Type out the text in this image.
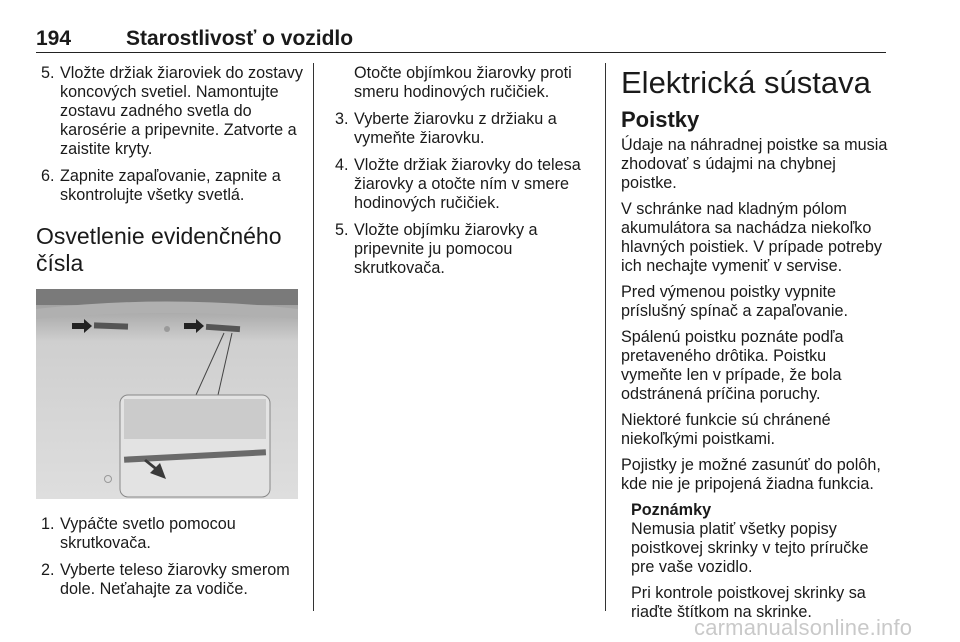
194	Starostlivosť o vozidlo
5. Vložte držiak žiaroviek do zostavy koncových svetiel. Namontujte zostavu zadného svetla do karosérie a pripevnite. Zatvorte a zaistite kryty.
6. Zapnite zapaľovanie, zapnite a skontrolujte všetky svetlá.
Osvetlenie evidenčného čísla
1. Vypáčte svetlo pomocou skrutkovača.
2. Vyberte teleso žiarovky smerom dole. Neťahajte za vodiče.
Otočte objímkou žiarovky proti smeru hodinových ručičiek.
3. Vyberte žiarovku z držiaku a vymeňte žiarovku.
4. Vložte držiak žiarovky do telesa žiarovky a otočte ním v smere hodinových ručičiek.
5. Vložte objímku žiarovky a pripevnite ju pomocou skrutkovača.
Elektrická sústava
Poistky

Údaje na náhradnej poistke sa musia zhodovať s údajmi na chybnej poistke.

V schránke nad kladným pólom akumulátora sa nachádza niekoľko hlavných poistiek. V prípade potreby ich nechajte vymeniť v servise.

Pred výmenou poistky vypnite príslušný spínač a zapaľovanie.

Spálenú poistku poznáte podľa pretaveného drôtika. Poistku vymeňte len v prípade, že bola odstránená príčina poruchy.

Niektoré funkcie sú chránené niekoľkými poistkami.

Pojistky je možné zasunúť do polôh, kde nie je pripojená žiadna funkcia.

Poznámky

Nemusia platiť všetky popisy poistkovej skrinky v tejto príručke pre vaše vozidlo.

Pri kontrole poistkovej skrinky sa riaďte štítkom na skrinke.

carmanualsonline.info
